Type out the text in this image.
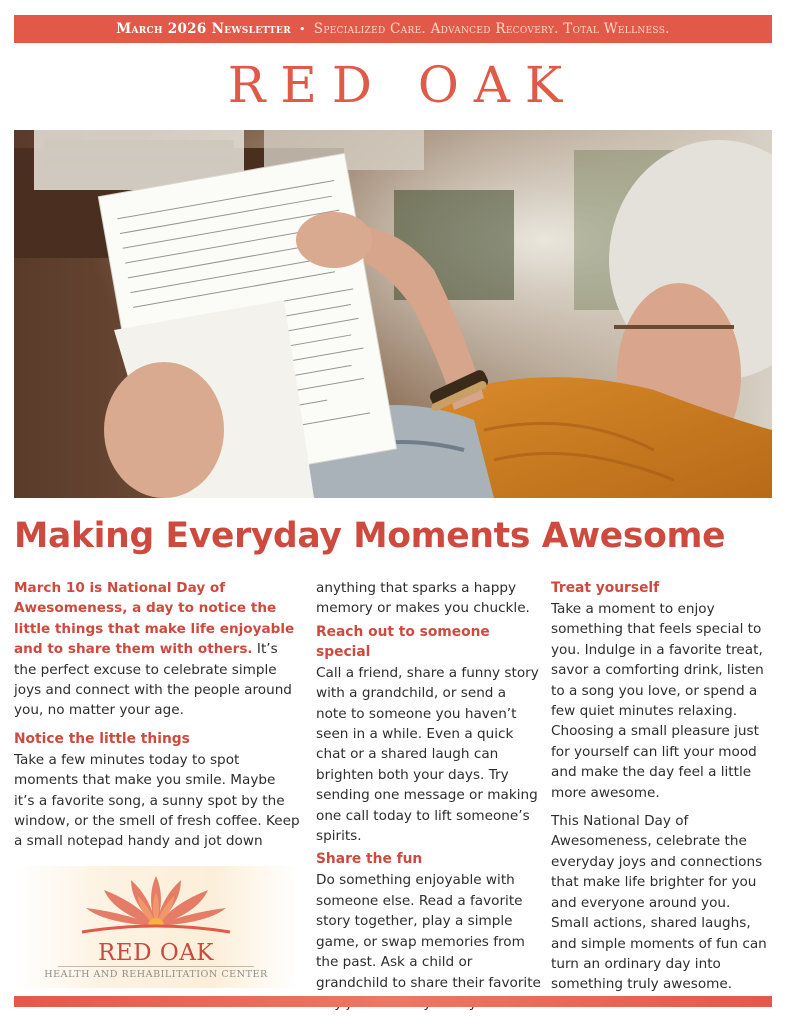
March 2026 Newsletter • Specialized Care. Advanced Recovery. Total Wellness.
RED OAK
Making Everyday Moments Awesome

March 10 is National Day of Awesomeness, a day to notice the little things that make life enjoyable and to share them with others. It’s the perfect excuse to celebrate simple joys and connect with the people around you, no matter your age.

Notice the little things

Take a few minutes today to spot moments that make you smile. Maybe it’s a favorite song, a sunny spot by the window, or the smell of fresh coffee. Keep a small notepad handy and jot down

anything that sparks a happy memory or makes you chuckle.

Reach out to someone special

Call a friend, share a funny story with a grandchild, or send a note to someone you haven’t seen in a while. Even a quick chat or a shared laugh can brighten both your days. Try sending one message or making one call today to lift someone’s spirits.

Share the fun

Do something enjoyable with someone else. Read a favorite story together, play a simple game, or swap memories from the past. Ask a child or grandchild to share their favorite

Treat yourself

Take a moment to enjoy something that feels special to you. Indulge in a favorite treat, savor a comforting drink, listen to a song you love, or spend a few quiet minutes relaxing. Choosing a small pleasure just for yourself can lift your mood and make the day feel a little more awesome.

This National Day of Awesomeness, celebrate the everyday joys and connections that make life brighter for you and everyone around you. Small actions, shared laughs, and simple moments of fun can turn an ordinary day into something truly awesome.

RED OAK
HEALTH AND REHABILITATION CENTER
